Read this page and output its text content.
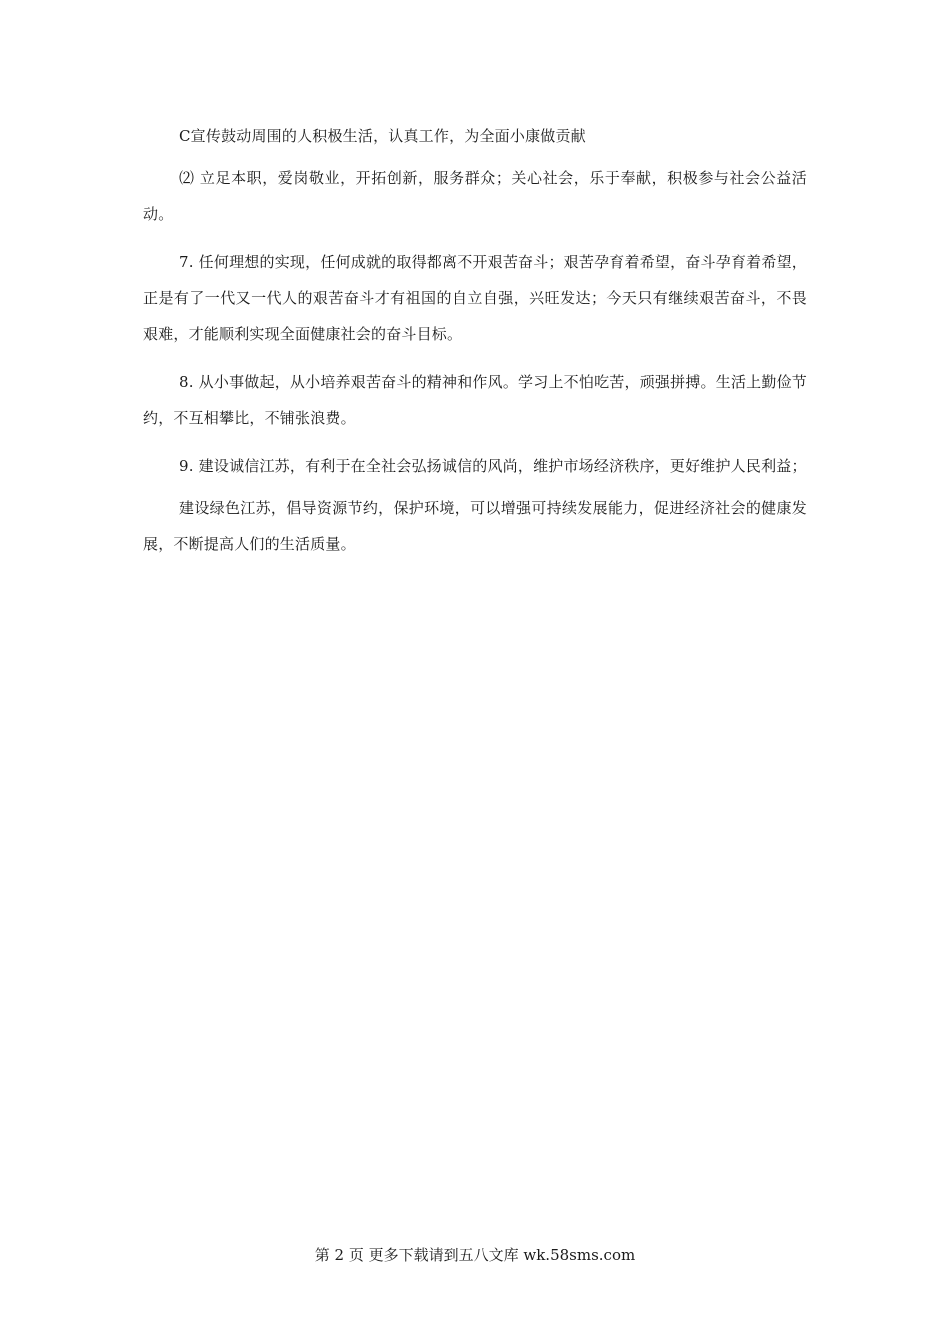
C宣传鼓动周围的人积极生活，认真工作，为全面小康做贡献

⑵ 立足本职，爱岗敬业，开拓创新，服务群众；关心社会，乐于奉献，积极参与社会公益活动。

7. 任何理想的实现，任何成就的取得都离不开艰苦奋斗；艰苦孕育着希望，奋斗孕育着希望，正是有了一代又一代人的艰苦奋斗才有祖国的自立自强，兴旺发达；今天只有继续艰苦奋斗，不畏艰难，才能顺利实现全面健康社会的奋斗目标。

8. 从小事做起，从小培养艰苦奋斗的精神和作风。学习上不怕吃苦，顽强拼搏。生活上勤俭节约，不互相攀比，不铺张浪费。

9. 建设诚信江苏，有利于在全社会弘扬诚信的风尚，维护市场经济秩序，更好维护人民利益；

建设绿色江苏，倡导资源节约，保护环境，可以增强可持续发展能力，促进经济社会的健康发展，不断提高人们的生活质量。

第 2 页 更多下载请到五八文库 wk.58sms.com
